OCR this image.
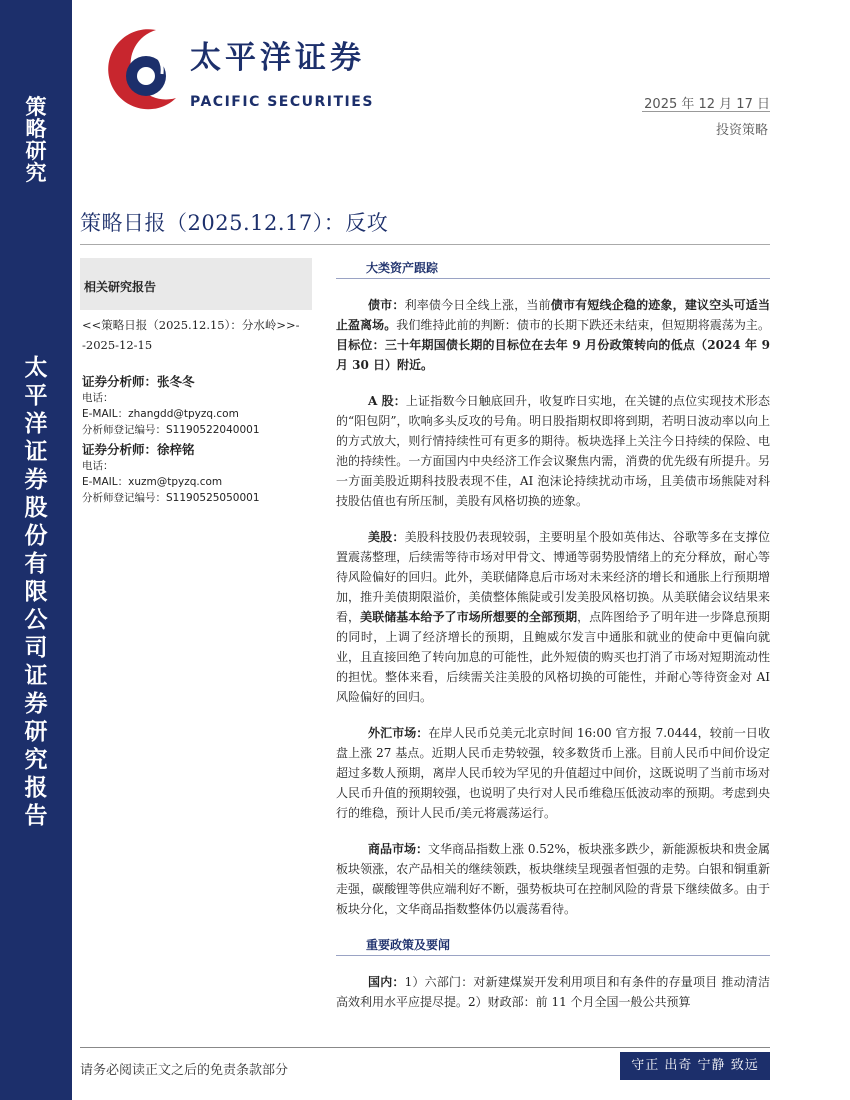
策
略
研
究
太
平
洋
证
券
股
份
有
限
公
司
证
券
研
究
报
告
太平洋证券
PACIFIC SECURITIES	2025 年 12 月 17 日
投资策略
策略日报（2025.12.17）：反攻
相关研究报告
<<策略日报（2025.12.15）：分水岭>>--2025-12-15
证券分析师：张冬冬
电话：
E-MAIL：zhangdd@tpyzq.com
分析师登记编号：S1190522040001
证券分析师：徐梓铭
电话：
E-MAIL：xuzm@tpyzq.com
分析师登记编号：S1190525050001
大类资产跟踪

债市：利率债今日全线上涨，当前债市有短线企稳的迹象，建议空头可适当止盈离场。我们维持此前的判断：债市的长期下跌还未结束，但短期将震荡为主。目标位：三十年期国债长期的目标位在去年 9 月份政策转向的低点（2024 年 9 月 30 日）附近。

A 股：上证指数今日触底回升，收复昨日实地，在关键的点位实现技术形态的“阳包阴”，吹响多头反攻的号角。明日股指期权即将到期，若明日波动率以向上的方式放大，则行情持续性可有更多的期待。板块选择上关注今日持续的保险、电池的持续性。一方面国内中央经济工作会议聚焦内需，消费的优先级有所提升。另一方面美股近期科技股表现不佳，AI 泡沫论持续扰动市场，且美债市场熊陡对科技股估值也有所压制，美股有风格切换的迹象。

美股：美股科技股仍表现较弱，主要明星个股如英伟达、谷歌等多在支撑位置震荡整理，后续需等待市场对甲骨文、博通等弱势股情绪上的充分释放，耐心等待风险偏好的回归。此外，美联储降息后市场对未来经济的增长和通胀上行预期增加，推升美债期限溢价，美债整体熊陡或引发美股风格切换。从美联储会议结果来看，美联储基本给予了市场所想要的全部预期，点阵图给予了明年进一步降息预期的同时，上调了经济增长的预期，且鲍威尔发言中通胀和就业的使命中更偏向就业，且直接回绝了转向加息的可能性，此外短债的购买也打消了市场对短期流动性的担忧。整体来看，后续需关注美股的风格切换的可能性，并耐心等待资金对 AI 风险偏好的回归。

外汇市场：在岸人民币兑美元北京时间 16:00 官方报 7.0444，较前一日收盘上涨 27 基点。近期人民币走势较强，较多数货币上涨。目前人民币中间价设定超过多数人预期，离岸人民币较为罕见的升值超过中间价，这既说明了当前市场对人民币升值的预期较强，也说明了央行对人民币维稳压低波动率的预期。考虑到央行的维稳，预计人民币/美元将震荡运行。

商品市场：文华商品指数上涨 0.52%，板块涨多跌少，新能源板块和贵金属板块领涨，农产品相关的继续领跌，板块继续呈现强者恒强的走势。白银和铜重新走强，碳酸锂等供应端利好不断，强势板块可在控制风险的背景下继续做多。由于板块分化，文华商品指数整体仍以震荡看待。

重要政策及要闻

国内：1）六部门：对新建煤炭开发利用项目和有条件的存量项目 推动清洁高效利用水平应提尽提。2）财政部：前 11 个月全国一般公共预算

请务必阅读正文之后的免责条款部分	守正 出奇 宁静 致远
